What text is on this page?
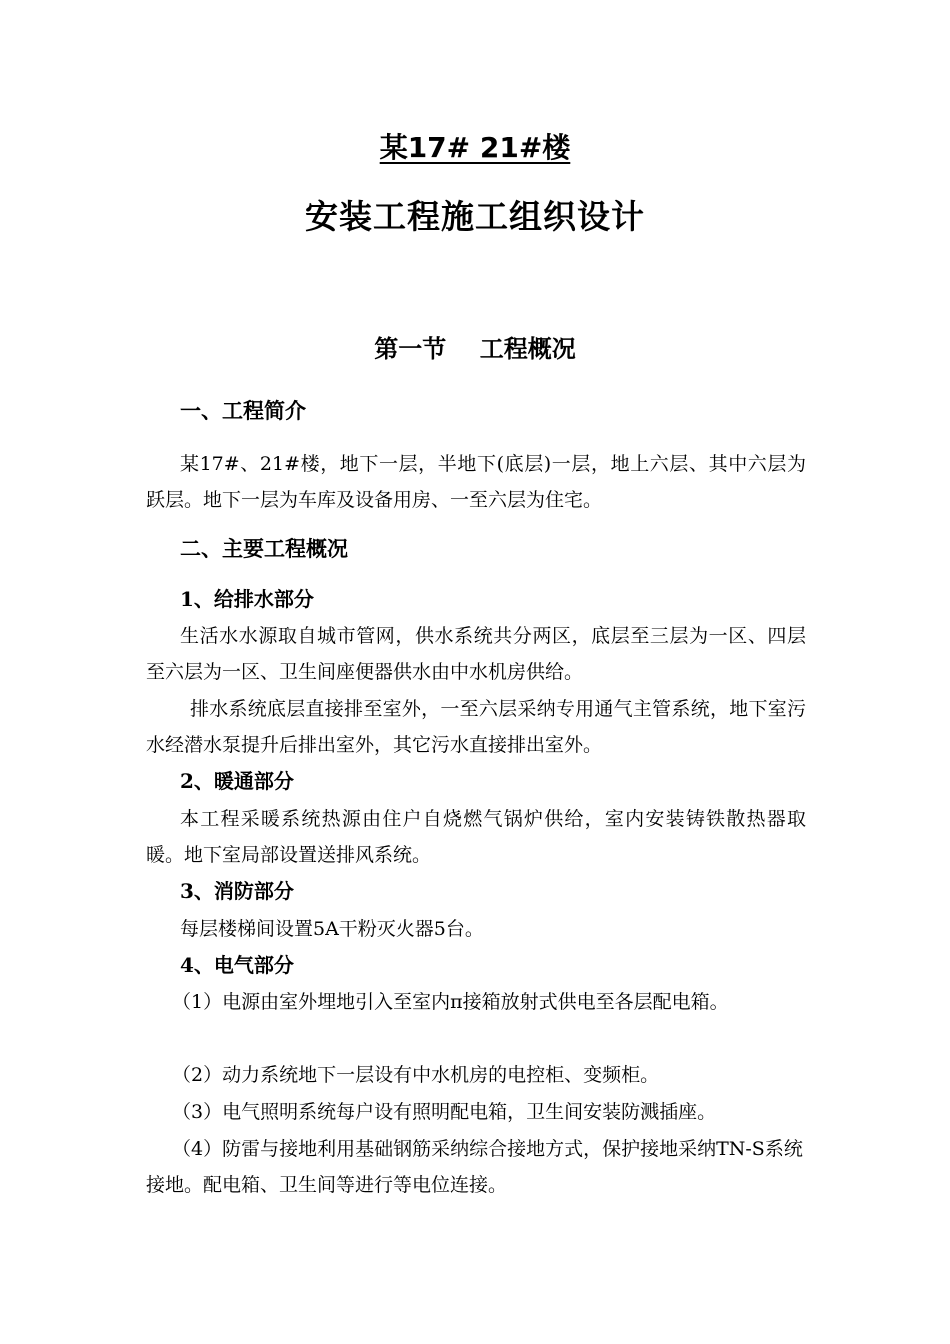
某17# 21#楼
安装工程施工组织设计
第一节    工程概况
一、工程简介
某17#、21#楼，地下一层，半地下(底层)一层，地上六层、其中六层为跃层。地下一层为车库及设备用房、一至六层为住宅。
二、主要工程概况
1、给排水部分
生活水水源取自城市管网，供水系统共分两区，底层至三层为一区、四层至六层为一区、卫生间座便器供水由中水机房供给。
排水系统底层直接排至室外，一至六层采纳专用通气主管系统，地下室污水经潜水泵提升后排出室外，其它污水直接排出室外。
2、暖通部分
本工程采暖系统热源由住户自烧燃气锅炉供给，室内安装铸铁散热器取暖。地下室局部设置送排风系统。
3、消防部分
每层楼梯间设置5A干粉灭火器5台。
4、电气部分
（1）电源由室外埋地引入至室内π接箱放射式供电至各层配电箱。
（2）动力系统地下一层设有中水机房的电控柜、变频柜。
（3）电气照明系统每户设有照明配电箱，卫生间安装防溅插座。
（4）防雷与接地利用基础钢筋采纳综合接地方式，保护接地采纳TN-S系统接地。配电箱、卫生间等进行等电位连接。
